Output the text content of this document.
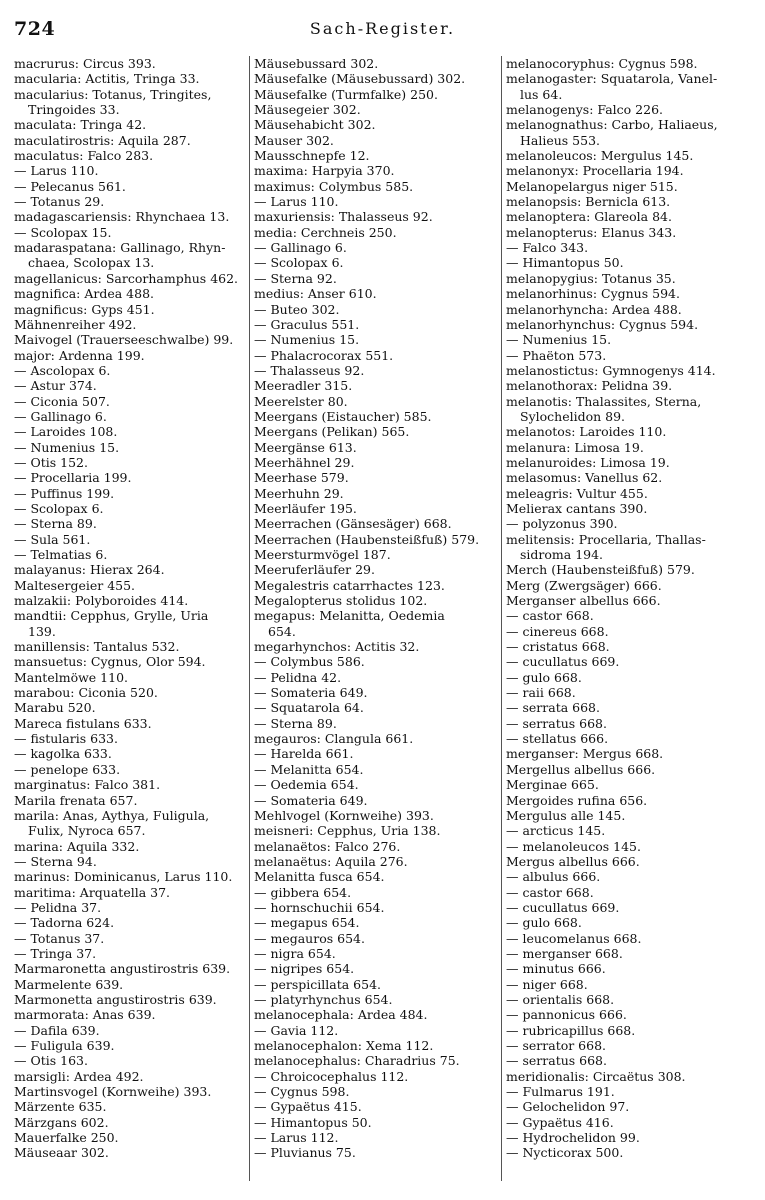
724	Sach-Register.
macrurus: Circus 393.
macularia: Actitis, Tringa 33.
macularius: Totanus, Tringites,
Tringoides 33.
maculata: Tringa 42.
maculatirostris: Aquila 287.
maculatus: Falco 283.
— Larus 110.
— Pelecanus 561.
— Totanus 29.
madagascariensis: Rhynchaea 13.
— Scolopax 15.
madaraspatana: Gallinago, Rhyn-
chaea, Scolopax 13.
magellanicus: Sarcorhamphus 462.
magnifica: Ardea 488.
magnificus: Gyps 451.
Mähnenreiher 492.
Maivogel (Trauerseeschwalbe) 99.
major: Ardenna 199.
— Ascolopax 6.
— Astur 374.
— Ciconia 507.
— Gallinago 6.
— Laroides 108.
— Numenius 15.
— Otis 152.
— Procellaria 199.
— Puffinus 199.
— Scolopax 6.
— Sterna 89.
— Sula 561.
— Telmatias 6.
malayanus: Hierax 264.
Maltesergeier 455.
malzakii: Polyboroides 414.
mandtii: Cepphus, Grylle, Uria
139.
manillensis: Tantalus 532.
mansuetus: Cygnus, Olor 594.
Mantelmöwe 110.
marabou: Ciconia 520.
Marabu 520.
Mareca fistulans 633.
— fistularis 633.
— kagolka 633.
— penelope 633.
marginatus: Falco 381.
Marila frenata 657.
marila: Anas, Aythya, Fuligula,
Fulix, Nyroca 657.
marina: Aquila 332.
— Sterna 94.
marinus: Dominicanus, Larus 110.
maritima: Arquatella 37.
— Pelidna 37.
— Tadorna 624.
— Totanus 37.
— Tringa 37.
Marmaronetta angustirostris 639.
Marmelente 639.
Marmonetta angustirostris 639.
marmorata: Anas 639.
— Dafila 639.
— Fuligula 639.
— Otis 163.
marsigli: Ardea 492.
Martinsvogel (Kornweihe) 393.
Märzente 635.
Märzgans 602.
Mauerfalke 250.
Mäuseaar 302.
Mäusebussard 302.
Mäusefalke (Mäusebussard) 302.
Mäusefalke (Turmfalke) 250.
Mäusegeier 302.
Mäusehabicht 302.
Mauser 302.
Mausschnepfe 12.
maxima: Harpyia 370.
maximus: Colymbus 585.
— Larus 110.
maxuriensis: Thalasseus 92.
media: Cerchneis 250.
— Gallinago 6.
— Scolopax 6.
— Sterna 92.
medius: Anser 610.
— Buteo 302.
— Graculus 551.
— Numenius 15.
— Phalacrocorax 551.
— Thalasseus 92.
Meeradler 315.
Meerelster 80.
Meergans (Eistaucher) 585.
Meergans (Pelikan) 565.
Meergänse 613.
Meerhähnel 29.
Meerhase 579.
Meerhuhn 29.
Meerläufer 195.
Meerrachen (Gänsesäger) 668.
Meerrachen (Haubensteißfuß) 579.
Meersturmvögel 187.
Meeruferläufer 29.
Megalestris catarrhactes 123.
Megalopterus stolidus 102.
megapus: Melanitta, Oedemia
654.
megarhynchos: Actitis 32.
— Colymbus 586.
— Pelidna 42.
— Somateria 649.
— Squatarola 64.
— Sterna 89.
megauros: Clangula 661.
— Harelda 661.
— Melanitta 654.
— Oedemia 654.
— Somateria 649.
Mehlvogel (Kornweihe) 393.
meisneri: Cepphus, Uria 138.
melanaëtos: Falco 276.
melanaëtus: Aquila 276.
Melanitta fusca 654.
— gibbera 654.
— hornschuchii 654.
— megapus 654.
— megauros 654.
— nigra 654.
— nigripes 654.
— perspicillata 654.
— platyrhynchus 654.
melanocephala: Ardea 484.
— Gavia 112.
melanocephalon: Xema 112.
melanocephalus: Charadrius 75.
— Chroicocephalus 112.
— Cygnus 598.
— Gypaëtus 415.
— Himantopus 50.
— Larus 112.
— Pluvianus 75.
melanocoryphus: Cygnus 598.
melanogaster: Squatarola, Vanel-
lus 64.
melanogenys: Falco 226.
melanognathus: Carbo, Haliaeus,
Halieus 553.
melanoleucos: Mergulus 145.
melanonyx: Procellaria 194.
Melanopelargus niger 515.
melanopsis: Bernicla 613.
melanoptera: Glareola 84.
melanopterus: Elanus 343.
— Falco 343.
— Himantopus 50.
melanopygius: Totanus 35.
melanorhinus: Cygnus 594.
melanorhyncha: Ardea 488.
melanorhynchus: Cygnus 594.
— Numenius 15.
— Phaëton 573.
melanostictus: Gymnogenys 414.
melanothorax: Pelidna 39.
melanotis: Thalassites, Sterna,
Sylochelidon 89.
melanotos: Laroides 110.
melanura: Limosa 19.
melanuroides: Limosa 19.
melasomus: Vanellus 62.
meleagris: Vultur 455.
Melierax cantans 390.
— polyzonus 390.
melitensis: Procellaria, Thallas-
sidroma 194.
Merch (Haubensteißfuß) 579.
Merg (Zwergsäger) 666.
Merganser albellus 666.
— castor 668.
— cinereus 668.
— cristatus 668.
— cucullatus 669.
— gulo 668.
— raii 668.
— serrata 668.
— serratus 668.
— stellatus 666.
merganser: Mergus 668.
Mergellus albellus 666.
Merginae 665.
Mergoides rufina 656.
Mergulus alle 145.
— arcticus 145.
— melanoleucos 145.
Mergus albellus 666.
— albulus 666.
— castor 668.
— cucullatus 669.
— gulo 668.
— leucomelanus 668.
— merganser 668.
— minutus 666.
— niger 668.
— orientalis 668.
— pannonicus 666.
— rubricapillus 668.
— serrator 668.
— serratus 668.
meridionalis: Circaëtus 308.
— Fulmarus 191.
— Gelochelidon 97.
— Gypaëtus 416.
— Hydrochelidon 99.
— Nycticorax 500.
